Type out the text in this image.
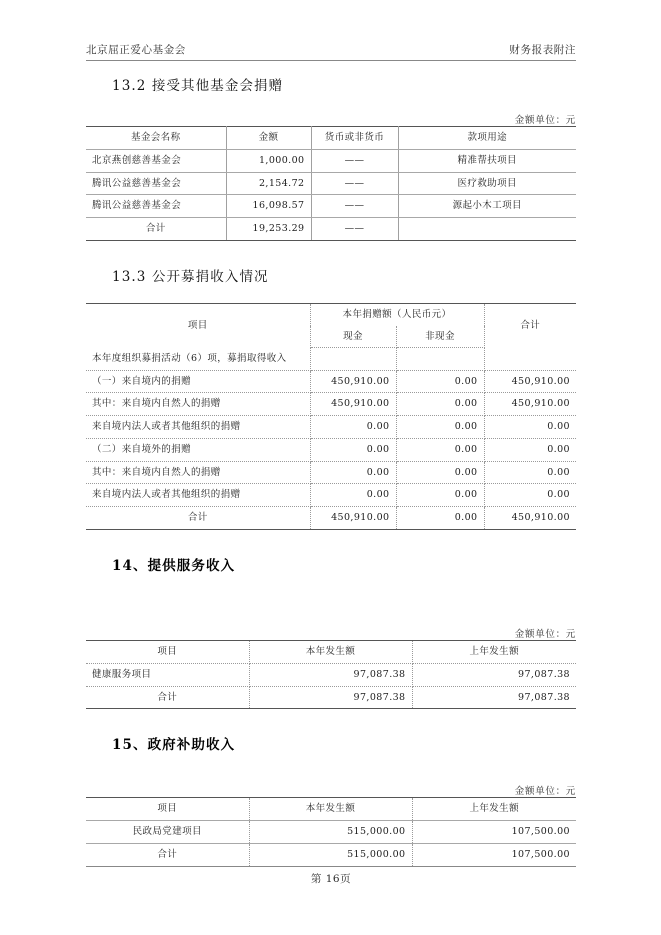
北京屈正爱心基金会	财务报表附注
13.2 接受其他基金会捐赠
金额单位：元
基金会名称	金额	货币或非货币	款项用途
北京燕创慈善基金会	1,000.00	——	精准帮扶项目
腾讯公益慈善基金会	2,154.72	——	医疗救助项目
腾讯公益慈善基金会	16,098.57	——	源起小木工项目
合计	19,253.29	——	
13.3 公开募捐收入情况
项目	本年捐赠额（人民币元）		合计
	现金	非现金	
本年度组织募捐活动（6）项，募捐取得收入			
（一）来自境内的捐赠	450,910.00	0.00	450,910.00
其中：来自境内自然人的捐赠	450,910.00	0.00	450,910.00
来自境内法人或者其他组织的捐赠	0.00	0.00	0.00
（二）来自境外的捐赠	0.00	0.00	0.00
其中：来自境内自然人的捐赠	0.00	0.00	0.00
来自境内法人或者其他组织的捐赠	0.00	0.00	0.00
合计	450,910.00	0.00	450,910.00
14、提供服务收入
金额单位：元
项目	本年发生额	上年发生额
健康服务项目	97,087.38	97,087.38
合计	97,087.38	97,087.38
15、政府补助收入
金额单位：元
项目	本年发生额	上年发生额
民政局党建项目	515,000.00	107,500.00
合计	515,000.00	107,500.00
第 16页
